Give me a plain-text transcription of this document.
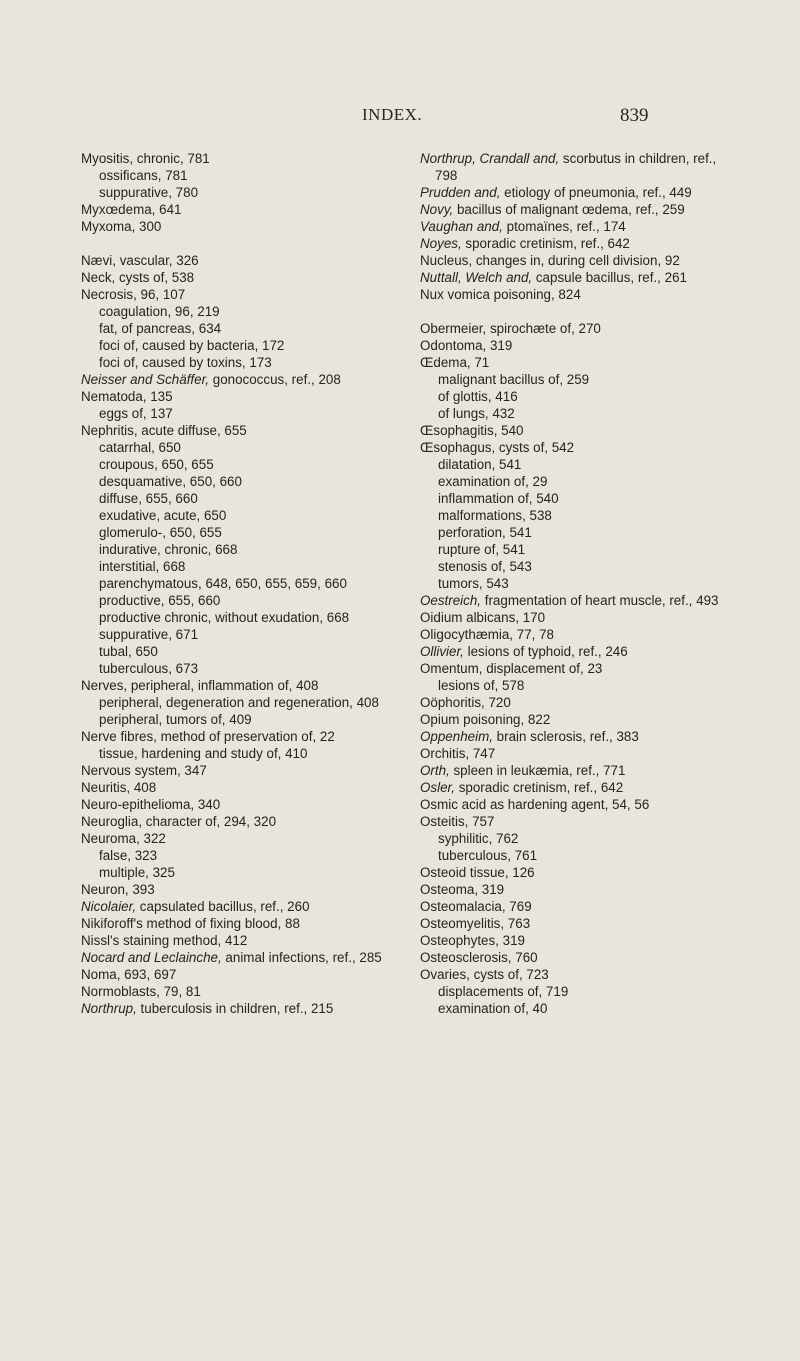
INDEX.	839
Myositis, chronic, 781
ossificans, 781
suppurative, 780
Myxœdema, 641
Myxoma, 300
Nævi, vascular, 326
Neck, cysts of, 538
Necrosis, 96, 107
coagulation, 96, 219
fat, of pancreas, 634
foci of, caused by bacteria, 172
foci of, caused by toxins, 173
Neisser and Schäffer, gonococcus, ref., 208
Nematoda, 135
eggs of, 137
Nephritis, acute diffuse, 655
catarrhal, 650
croupous, 650, 655
desquamative, 650, 660
diffuse, 655, 660
exudative, acute, 650
glomerulo-, 650, 655
indurative, chronic, 668
interstitial, 668
parenchymatous, 648, 650, 655, 659, 660
productive, 655, 660
productive chronic, without exudation, 668
suppurative, 671
tubal, 650
tuberculous, 673
Nerves, peripheral, inflammation of, 408
peripheral, degeneration and regeneration, 408
peripheral, tumors of, 409
Nerve fibres, method of preservation of, 22
tissue, hardening and study of, 410
Nervous system, 347
Neuritis, 408
Neuro-epithelioma, 340
Neuroglia, character of, 294, 320
Neuroma, 322
false, 323
multiple, 325
Neuron, 393
Nicolaier, capsulated bacillus, ref., 260
Nikiforoff's method of fixing blood, 88
Nissl's staining method, 412
Nocard and Leclainche, animal infections, ref., 285
Noma, 693, 697
Normoblasts, 79, 81
Northrup, tuberculosis in children, ref., 215
Northrup, Crandall and, scorbutus in children, ref., 798
Prudden and, etiology of pneumonia, ref., 449
Novy, bacillus of malignant œdema, ref., 259
Vaughan and, ptomaïnes, ref., 174
Noyes, sporadic cretinism, ref., 642
Nucleus, changes in, during cell division, 92
Nuttall, Welch and, capsule bacillus, ref., 261
Nux vomica poisoning, 824
Obermeier, spirochæte of, 270
Odontoma, 319
Œdema, 71
malignant bacillus of, 259
of glottis, 416
of lungs, 432
Œsophagitis, 540
Œsophagus, cysts of, 542
dilatation, 541
examination of, 29
inflammation of, 540
malformations, 538
perforation, 541
rupture of, 541
stenosis of, 543
tumors, 543
Oestreich, fragmentation of heart muscle, ref., 493
Oidium albicans, 170
Oligocythæmia, 77, 78
Ollivier, lesions of typhoid, ref., 246
Omentum, displacement of, 23
lesions of, 578
Oöphoritis, 720
Opium poisoning, 822
Oppenheim, brain sclerosis, ref., 383
Orchitis, 747
Orth, spleen in leukæmia, ref., 771
Osler, sporadic cretinism, ref., 642
Osmic acid as hardening agent, 54, 56
Osteitis, 757
syphilitic, 762
tuberculous, 761
Osteoid tissue, 126
Osteoma, 319
Osteomalacia, 769
Osteomyelitis, 763
Osteophytes, 319
Osteosclerosis, 760
Ovaries, cysts of, 723
displacements of, 719
examination of, 40
